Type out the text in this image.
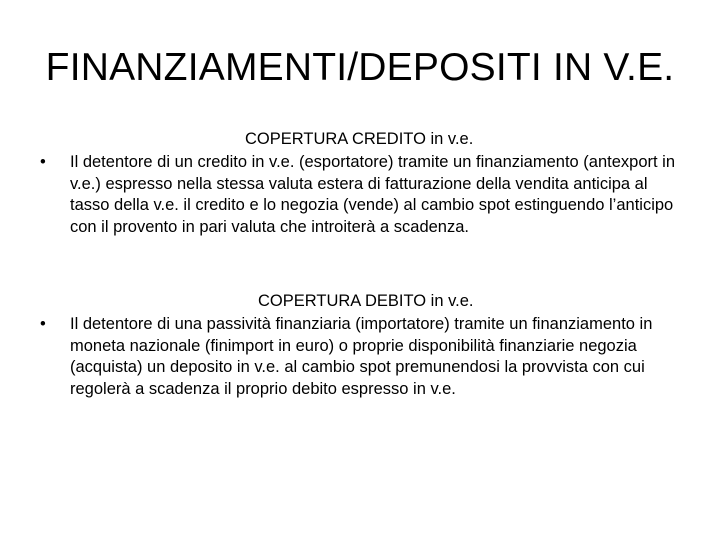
FINANZIAMENTI/DEPOSITI IN V.E.
COPERTURA CREDITO in v.e.
•	Il detentore di un credito in v.e. (esportatore) tramite un finanziamento (antexport in v.e.) espresso nella stessa valuta estera di fatturazione della vendita anticipa al tasso della v.e. il credito e lo negozia (vende) al cambio spot estinguendo l’anticipo con il provento in pari valuta che introiterà a scadenza.
COPERTURA DEBITO in v.e.
•	Il detentore di una passività finanziaria (importatore) tramite un finanziamento in moneta nazionale (finimport in euro) o proprie disponibilità finanziarie negozia (acquista) un deposito in v.e. al cambio spot premunendosi la provvista con cui regolerà a scadenza il proprio debito espresso in v.e.
